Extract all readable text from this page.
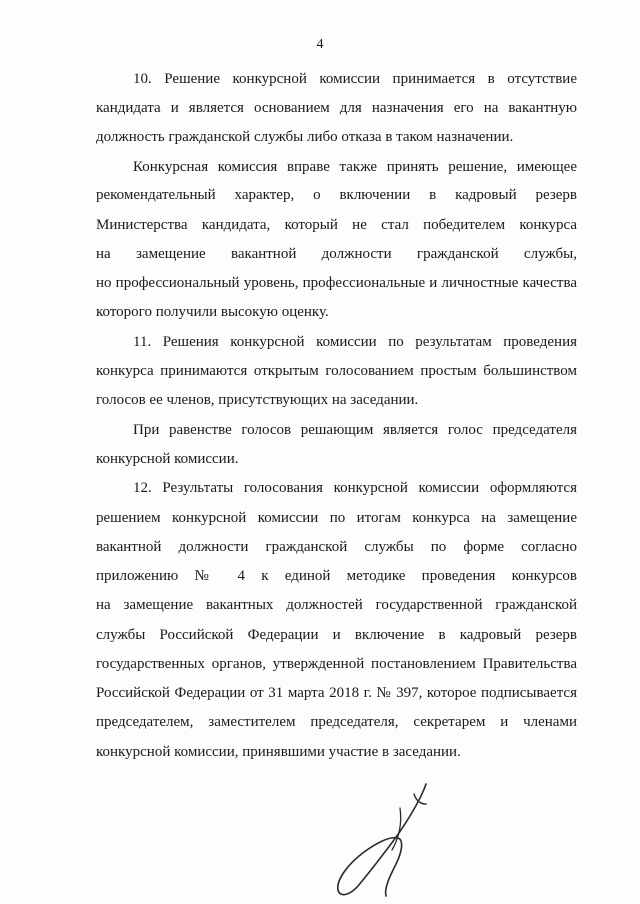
4
10. Решение конкурсной комиссии принимается в отсутствие
кандидата и является основанием для назначения его на вакантную
должность гражданской службы либо отказа в таком назначении.
Конкурсная комиссия вправе также принять решение, имеющее
рекомендательный характер, о включении в кадровый резерв
Министерства кандидата, который не стал победителем конкурса
на замещение вакантной должности гражданской службы,
но профессиональный уровень, профессиональные и личностные качества
которого получили высокую оценку.
11. Решения конкурсной комиссии по результатам проведения
конкурса принимаются открытым голосованием простым большинством
голосов ее членов, присутствующих на заседании.
При равенстве голосов решающим является голос председателя
конкурсной комиссии.
12. Результаты голосования конкурсной комиссии оформляются
решением конкурсной комиссии по итогам конкурса на замещение
вакантной должности гражданской службы по форме согласно
приложению № 4 к единой методике проведения конкурсов
на замещение вакантных должностей государственной гражданской
службы Российской Федерации и включение в кадровый резерв
государственных органов, утвержденной постановлением Правительства
Российской Федерации от 31 марта 2018 г. № 397, которое подписывается
председателем, заместителем председателя, секретарем и членами
конкурсной комиссии, принявшими участие в заседании.
